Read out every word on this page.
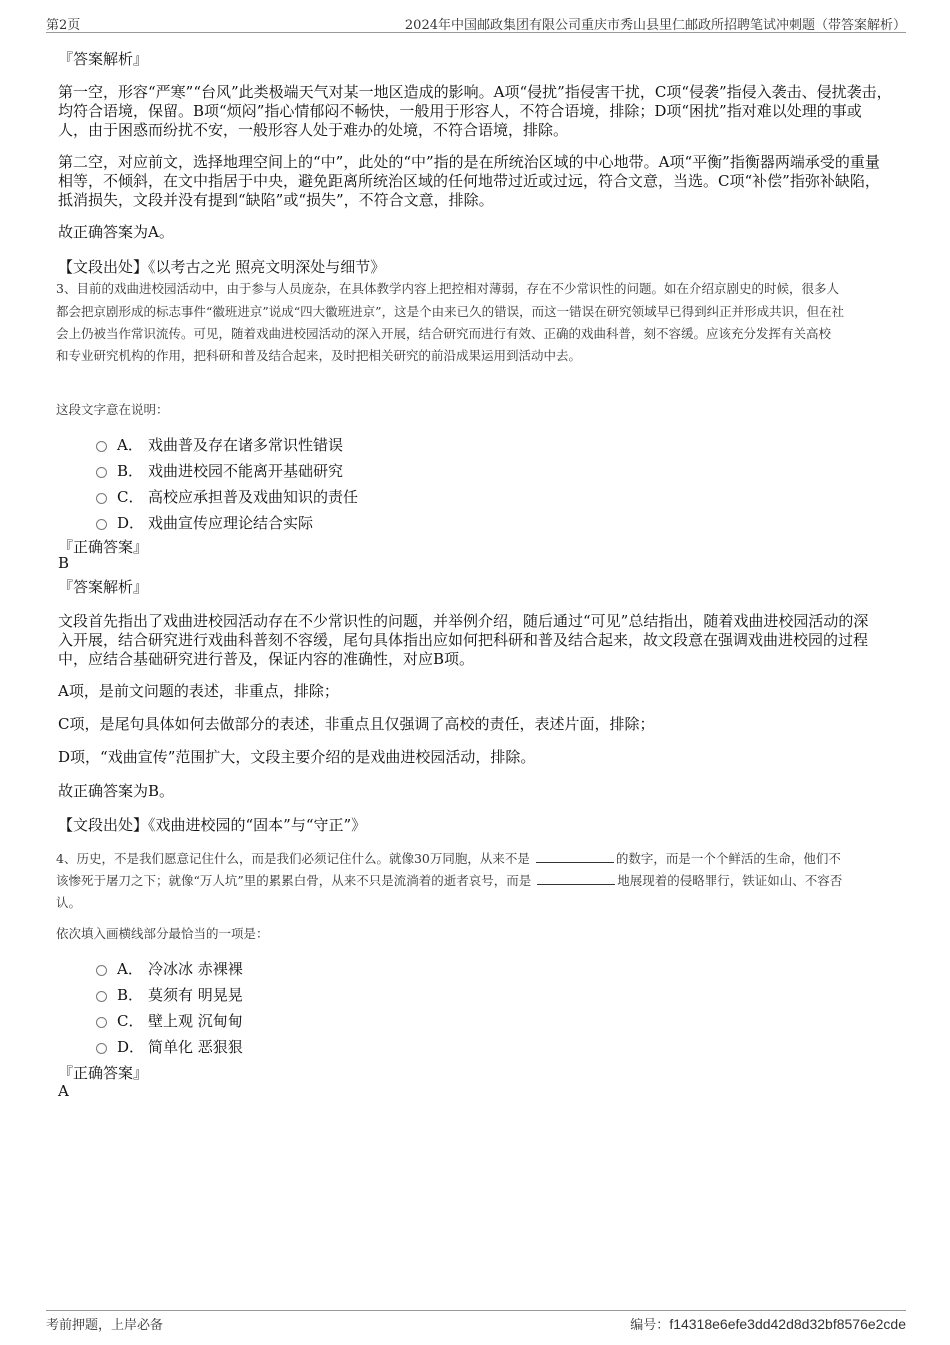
第2页	2024年中国邮政集团有限公司重庆市秀山县里仁邮政所招聘笔试冲刺题（带答案解析）
『答案解析』
第一空，形容“严寒”“台风”此类极端天气对某一地区造成的影响。A项“侵扰”指侵害干扰，C项“侵袭”指侵入袭击、侵扰袭击，
均符合语境，保留。B项“烦闷”指心情郁闷不畅快，一般用于形容人，不符合语境，排除；D项“困扰”指对难以处理的事或
人，由于困惑而纷扰不安，一般形容人处于难办的处境，不符合语境，排除。
第二空，对应前文，选择地理空间上的“中”，此处的“中”指的是在所统治区域的中心地带。A项“平衡”指衡器两端承受的重量
相等，不倾斜，在文中指居于中央，避免距离所统治区域的任何地带过近或过远，符合文意，当选。C项“补偿”指弥补缺陷，
抵消损失，文段并没有提到“缺陷”或“损失”，不符合文意，排除。
故正确答案为A。
【文段出处】《以考古之光 照亮文明深处与细节》
3、目前的戏曲进校园活动中，由于参与人员庞杂，在具体教学内容上把控相对薄弱，存在不少常识性的问题。如在介绍京剧史的时候，很多人
都会把京剧形成的标志事件“徽班进京”说成“四大徽班进京”，这是个由来已久的错误，而这一错误在研究领域早已得到纠正并形成共识，但在社
会上仍被当作常识流传。可见，随着戏曲进校园活动的深入开展，结合研究而进行有效、正确的戏曲科普，刻不容缓。应该充分发挥有关高校
和专业研究机构的作用，把科研和普及结合起来，及时把相关研究的前沿成果运用到活动中去。
这段文字意在说明：
A． 戏曲普及存在诸多常识性错误
B． 戏曲进校园不能离开基础研究
C． 高校应承担普及戏曲知识的责任
D． 戏曲宣传应理论结合实际
『正确答案』
B
『答案解析』
文段首先指出了戏曲进校园活动存在不少常识性的问题，并举例介绍，随后通过“可见”总结指出，随着戏曲进校园活动的深
入开展，结合研究进行戏曲科普刻不容缓，尾句具体指出应如何把科研和普及结合起来，故文段意在强调戏曲进校园的过程
中，应结合基础研究进行普及，保证内容的准确性，对应B项。
A项，是前文问题的表述，非重点，排除；
C项，是尾句具体如何去做部分的表述，非重点且仅强调了高校的责任，表述片面，排除；
D项，“戏曲宣传”范围扩大，文段主要介绍的是戏曲进校园活动，排除。
故正确答案为B。
【文段出处】《戏曲进校园的“固本”与“守正”》
4、历史，不是我们愿意记住什么，而是我们必须记住什么。就像30万同胞，从来不是	的数字，而是一个个鲜活的生命，他们不
该惨死于屠刀之下；就像“万人坑”里的累累白骨，从来不只是流淌着的逝者哀号，而是	地展现着的侵略罪行，铁证如山、不容否
认。
依次填入画横线部分最恰当的一项是：
A． 冷冰冰 赤裸裸
B． 莫须有 明晃晃
C． 壁上观 沉甸甸
D． 简单化 恶狠狠
『正确答案』
A
考前押题，上岸必备	编号：f14318e6efe3dd42d8d32bf8576e2cde
